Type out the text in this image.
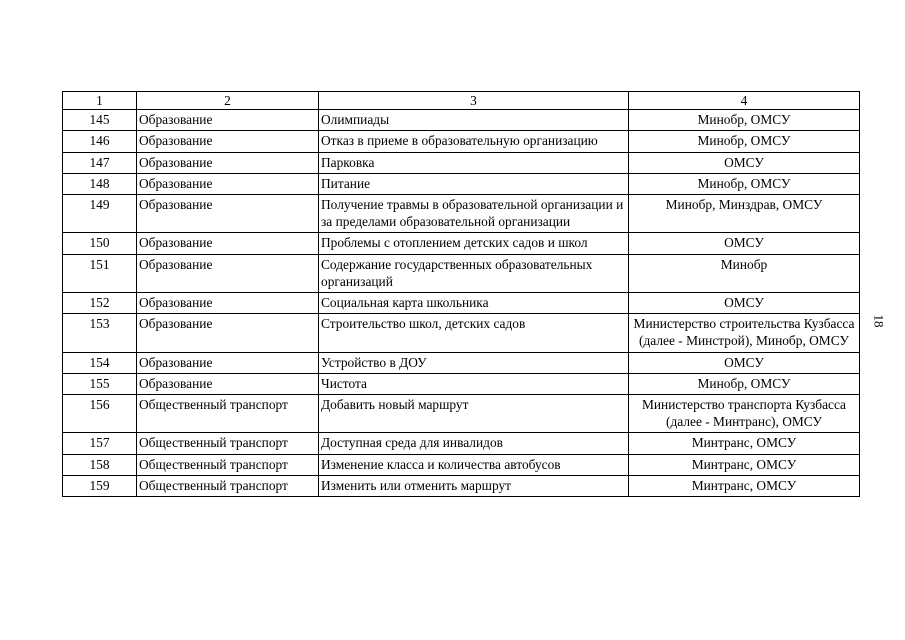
1	2	3	4
145	Образование	Олимпиады	Минобр, ОМСУ
146	Образование	Отказ в приеме в образовательную организацию	Минобр, ОМСУ
147	Образование	Парковка	ОМСУ
148	Образование	Питание	Минобр, ОМСУ
149	Образование	Получение травмы в образовательной организации и за пределами образовательной организации	Минобр, Минздрав, ОМСУ
150	Образование	Проблемы с отоплением детских садов и школ	ОМСУ
151	Образование	Содержание государственных образовательных организаций	Минобр
152	Образование	Социальная карта школьника	ОМСУ
153	Образование	Строительство школ, детских садов	Министерство строительства Кузбасса (далее - Минстрой), Минобр, ОМСУ
154	Образование	Устройство в ДОУ	ОМСУ
155	Образование	Чистота	Минобр, ОМСУ
156	Общественный транспорт	Добавить новый маршрут	Министерство транспорта Кузбасса (далее - Минтранс), ОМСУ
157	Общественный транспорт	Доступная среда для инвалидов	Минтранс, ОМСУ
158	Общественный транспорт	Изменение класса и количества автобусов	Минтранс, ОМСУ
159	Общественный транспорт	Изменить или отменить маршрут	Минтранс, ОМСУ
18
